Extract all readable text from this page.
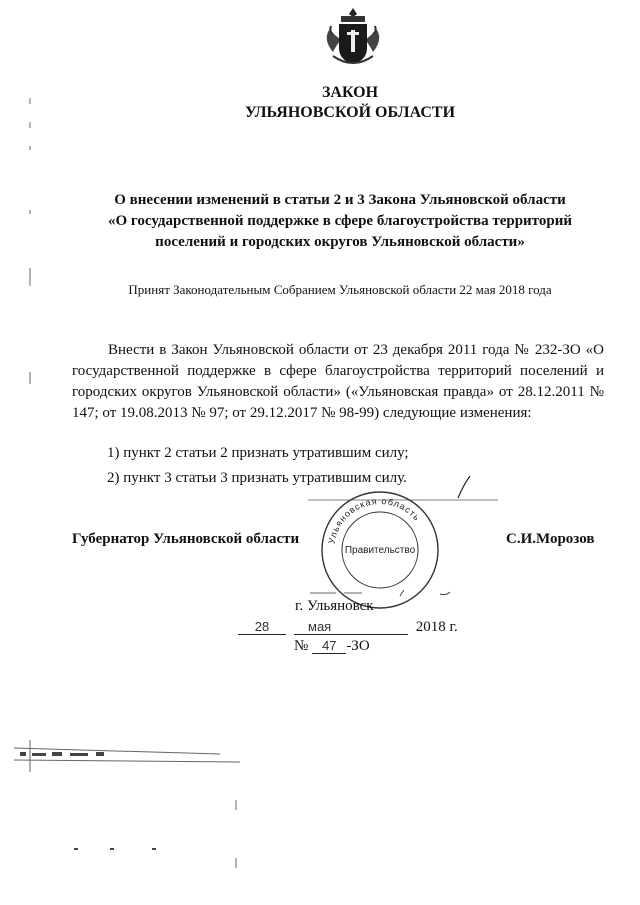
ЗАКОН
УЛЬЯНОВСКОЙ ОБЛАСТИ
О внесении изменений в статьи 2 и 3 Закона Ульяновской области
«О государственной поддержке в сфере благоустройства территорий
поселений и городских округов Ульяновской области»
Принят Законодательным Собранием Ульяновской области 22 мая 2018 года
Внести в Закон Ульяновской области от 23 декабря 2011 года № 232-ЗО «О государственной поддержке в сфере благоустройства территорий поселений и городских округов Ульяновской области» («Ульяновская правда» от 28.12.2011 № 147; от 19.08.2013 № 97; от 29.12.2017 № 98-99) следующие изменения:
1) пункт 2 статьи 2 признать утратившим силу;
2) пункт 3 статьи 3 признать утратившим силу.
Ульяновская область
Правительство
Губернатор Ульяновской области	С.И.Морозов
г. Ульяновск
28	мая	2018 г.
№ 47 -ЗО
